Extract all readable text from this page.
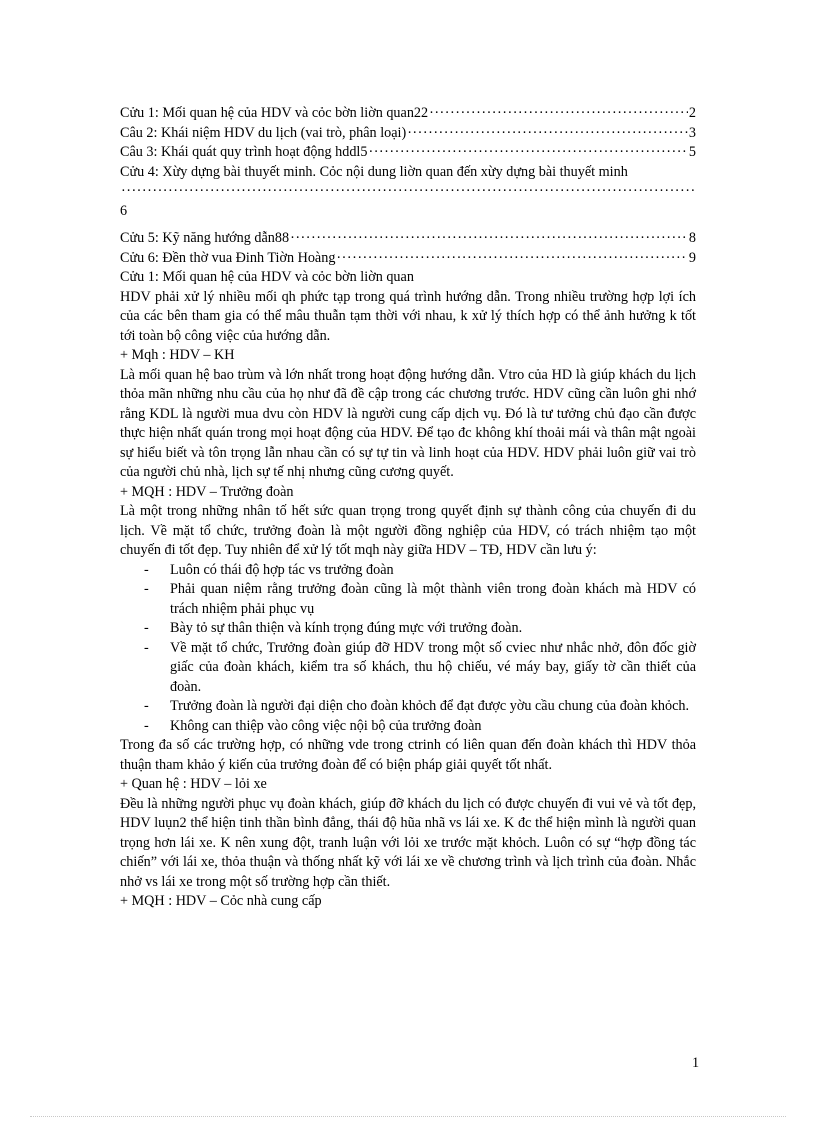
Cửu 1: Mối quan hệ của HDV và cỏc bờn liờn quan22 ·····	2
Câu 2: Khái niệm HDV du lịch (vai trò, phân loại) ·····	3
Câu 3: Khái quát quy trình hoạt động hddl5 ·····	5
Cửu 4: Xừy dựng bài thuyết minh. Cỏc nội dung liờn quan đến xừy dựng bài thuyết minh
·····
6
Cửu 5: Kỹ năng hướng dẫn88 ·····	8
Cửu 6: Đền thờ vua Đinh Tiờn Hoàng ·····	9

Cửu 1: Mối quan hệ của HDV và cỏc bờn liờn quan

HDV phải xử lý nhiều mối qh phức tạp trong quá trình hướng dẫn. Trong nhiều trường hợp lợi ích của các bên tham gia có thể mâu thuẫn tạm thời với nhau, k xử lý thích hợp có thể ảnh hưởng k tốt tới toàn bộ công việc của hướng dẫn.

+ Mqh : HDV – KH

Là mối quan hệ bao trùm và lớn nhất trong hoạt động hướng dẫn. Vtro của HD là giúp khách du lịch thỏa mãn những nhu cầu của họ như đã đề cập trong các chương trước. HDV cũng cần luôn ghi nhớ rằng KDL là người mua dvu còn HDV là người cung cấp dịch vụ. Đó là tư tưởng chủ đạo cần được thực hiện nhất quán trong mọi hoạt động của HDV. Để tạo đc không khí thoải mái và thân mật ngoài sự hiểu biết và tôn trọng lẫn nhau cần có sự tự tin và linh hoạt của HDV. HDV phải luôn giữ vai trò của người chủ nhà, lịch sự tế nhị nhưng cũng cương quyết.

+ MQH : HDV – Trưởng đoàn

Là một trong những nhân tố hết sức quan trọng trong quyết định sự thành công của chuyến đi du lịch. Về mặt tổ chức, trưởng đoàn là một người đồng nghiệp của HDV, có trách nhiệm tạo một chuyến đi tốt đẹp. Tuy nhiên để xử lý tốt mqh này giữa HDV – TĐ, HDV cần lưu ý:

- Luôn có thái độ hợp tác vs trưởng đoàn
- Phải quan niệm rằng trưởng đoàn cũng là một thành viên trong đoàn khách mà HDV có trách nhiệm phải phục vụ
- Bày tỏ sự thân thiện và kính trọng đúng mực với trưởng đoàn.
- Về mặt tổ chức, Trưởng đoàn giúp đỡ HDV trong một số cviec như nhắc nhở, đôn đốc giờ giấc của đoàn khách, kiểm tra số khách, thu hộ chiếu, vé máy bay, giấy tờ cần thiết của đoàn.
- Trưởng đoàn là người đại diện cho đoàn khỏch để đạt được yờu cầu chung của đoàn khỏch.
- Không can thiệp vào công việc nội bộ của trưởng đoàn

Trong đa số các trường hợp, có những vde trong ctrinh có liên quan đến đoàn khách thì HDV thỏa thuận tham khảo ý kiến của trưởng đoàn để có biện pháp giải quyết tốt nhất.

+ Quan hệ : HDV – lỏi xe

Đều là những người phục vụ đoàn khách, giúp đỡ khách du lịch có được chuyến đi vui vẻ và tốt đẹp, HDV luụn2 thể hiện tinh thần bình đẳng, thái độ hũa nhã vs lái xe. K đc thể hiện mình là người quan trọng hơn lái xe. K nên xung đột, tranh luận với lỏi xe trước mặt khỏch. Luôn có sự “hợp đồng tác chiến” với lái xe, thỏa thuận và thống nhất kỹ với lái xe về chương trình và lịch trình của đoàn. Nhắc nhở vs lái xe trong một số trường hợp cần thiết.

+ MQH : HDV – Cỏc nhà cung cấp

1
